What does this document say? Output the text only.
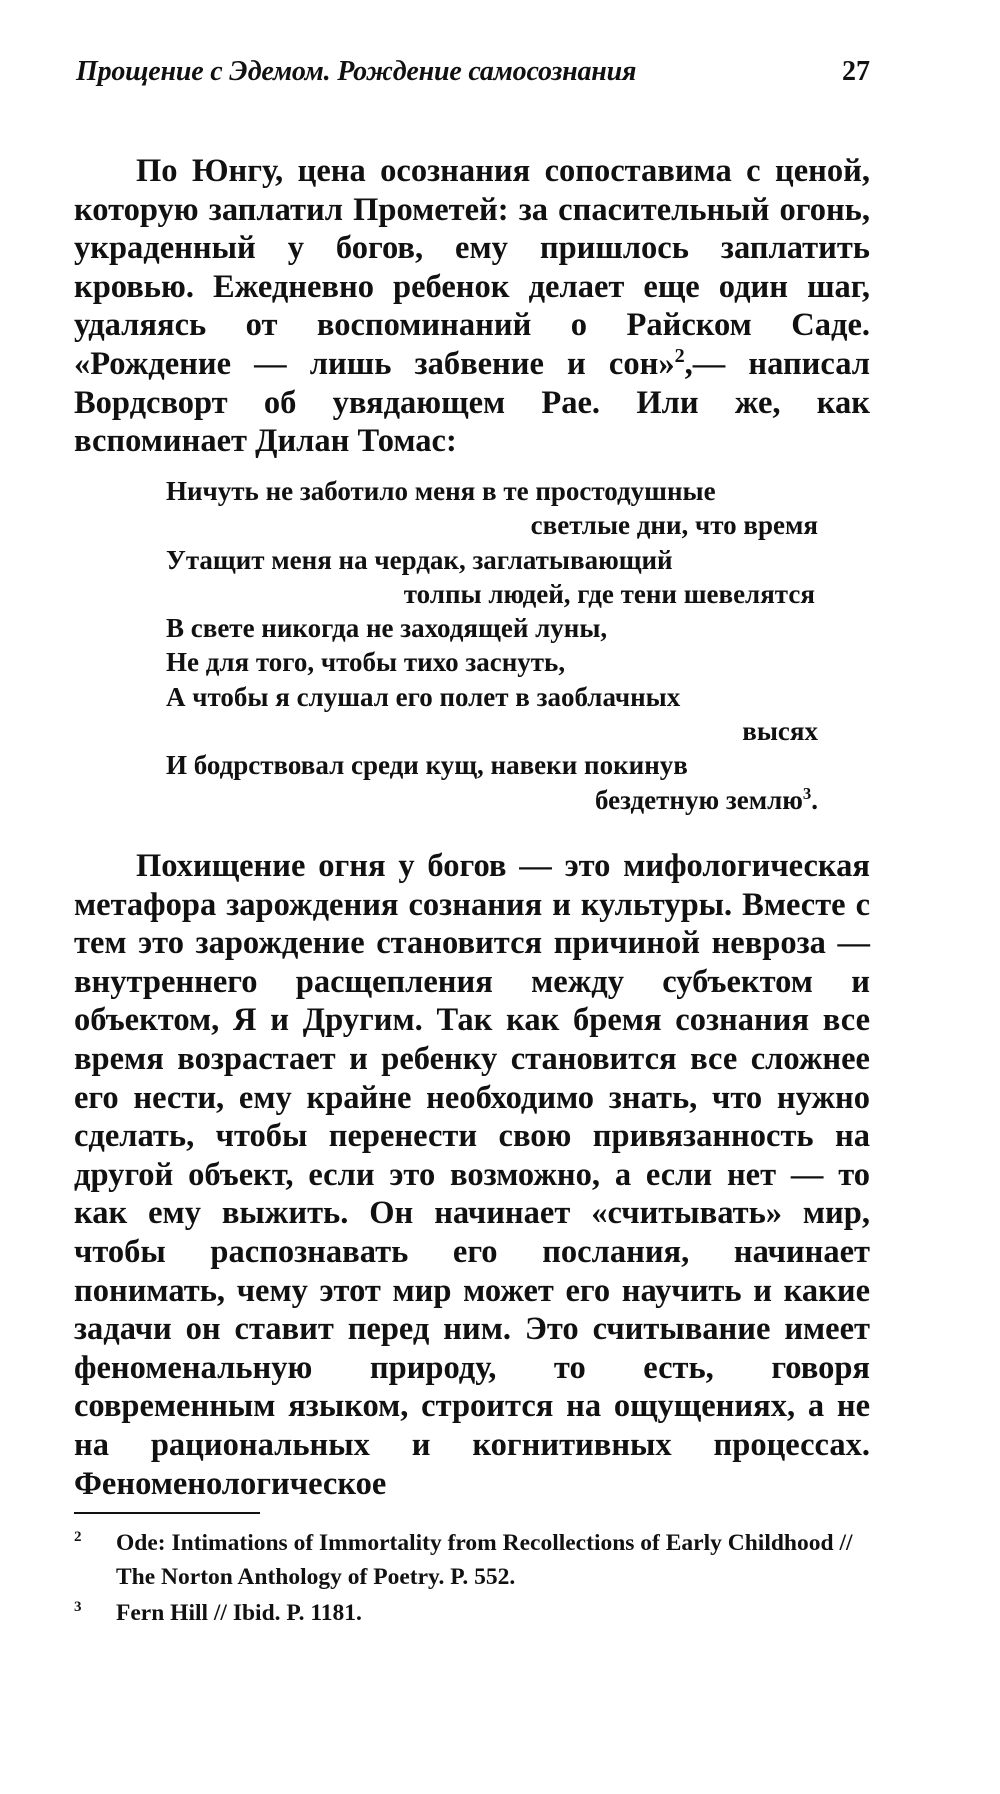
Прощение с Эдемом. Рождение самосознания	27
По Юнгу, цена осознания сопоставима с ценой, которую заплатил Прометей: за спасительный огонь, украденный у богов, ему пришлось заплатить кровью. Ежедневно ребенок делает еще один шаг, удаляясь от воспоминаний о Райском Саде. «Рождение — лишь забвение и сон»$^2$,— написал Вордсворт об увядающем Рае. Или же, как вспоминает Дилан Томас:
Ничуть не заботило меня в те простодушные
светлые дни, что время
Утащит меня на чердак, заглатывающий
толпы людей, где тени шевелятся
В свете никогда не заходящей луны,
Не для того, чтобы тихо заснуть,
А чтобы я слушал его полет в заоблачных
высях
И бодрствовал среди кущ, навеки покинув
бездетную землю$^3$.
Похищение огня у богов — это мифологическая метафора зарождения сознания и культуры. Вместе с тем это зарождение становится причиной невроза — внутреннего расщепления между субъектом и объектом, Я и Другим. Так как бремя сознания все время возрастает и ребенку становится все сложнее его нести, ему крайне необходимо знать, что нужно сделать, чтобы перенести свою привязанность на другой объект, если это возможно, а если нет — то как ему выжить. Он начинает «считывать» мир, чтобы распознавать его послания, начинает понимать, чему этот мир может его научить и какие задачи он ставит перед ним. Это считывание имеет феноменальную природу, то есть, говоря современным языком, строится на ощущениях, а не на рациональных и когнитивных процессах. Феноменологическое
2 Ode: Intimations of Immortality from Recollections of Early Childhood // The Norton Anthology of Poetry. P. 552.
3 Fern Hill // Ibid. P. 1181.
